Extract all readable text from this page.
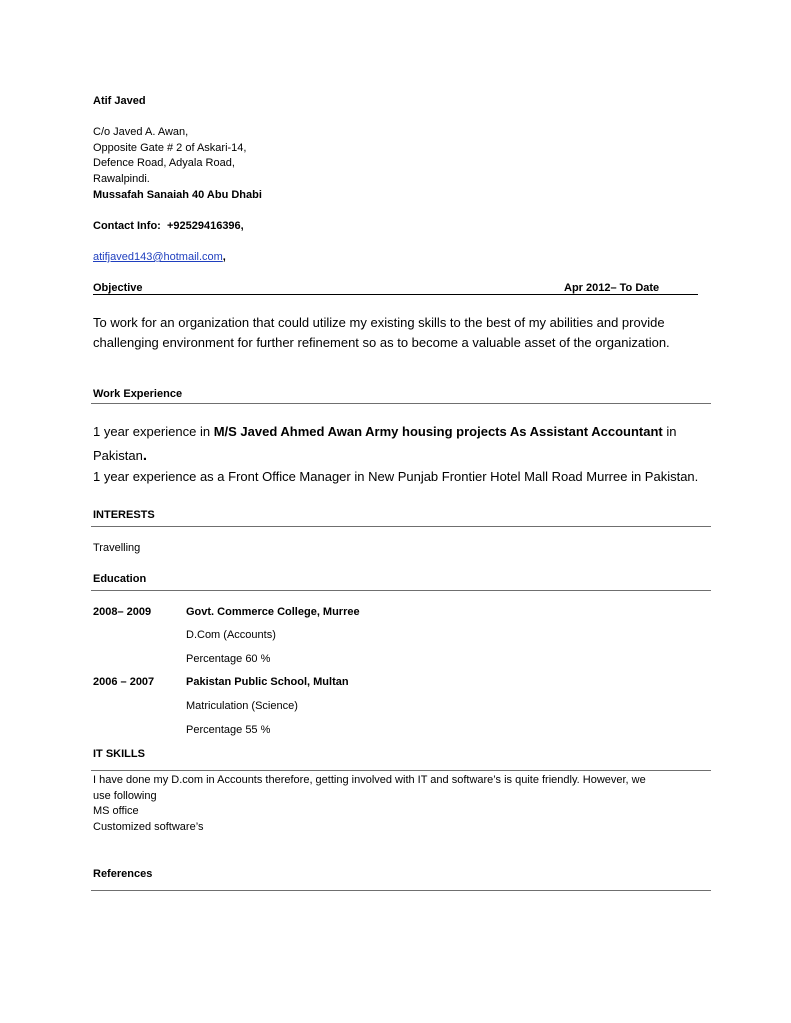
Atif Javed
C/o Javed A. Awan,
Opposite Gate # 2 of Askari-14,
Defence Road, Adyala Road,
Rawalpindi.
Mussafah Sanaiah 40 Abu Dhabi
Contact Info: +92529416396,
atifjaved143@hotmail.com,
Objective	Apr 2012– To Date
To work for an organization that could utilize my existing skills to the best of my abilities and provide
challenging environment for further refinement so as to become a valuable asset of the organization.
Work Experience
1 year experience in M/S Javed Ahmed Awan Army housing projects As Assistant Accountant in
Pakistan.
1 year experience as a Front Office Manager in New Punjab Frontier Hotel Mall Road Murree in Pakistan.
INTERESTS
Travelling
Education
2008– 2009	Govt. Commerce College, Murree
D.Com (Accounts)
Percentage 60 %
2006 – 2007	Pakistan Public School, Multan
Matriculation (Science)
Percentage 55 %
IT SKILLS
I have done my D.com in Accounts therefore, getting involved with IT and software’s is quite friendly. However, we
use following
MS office
Customized software’s
References
